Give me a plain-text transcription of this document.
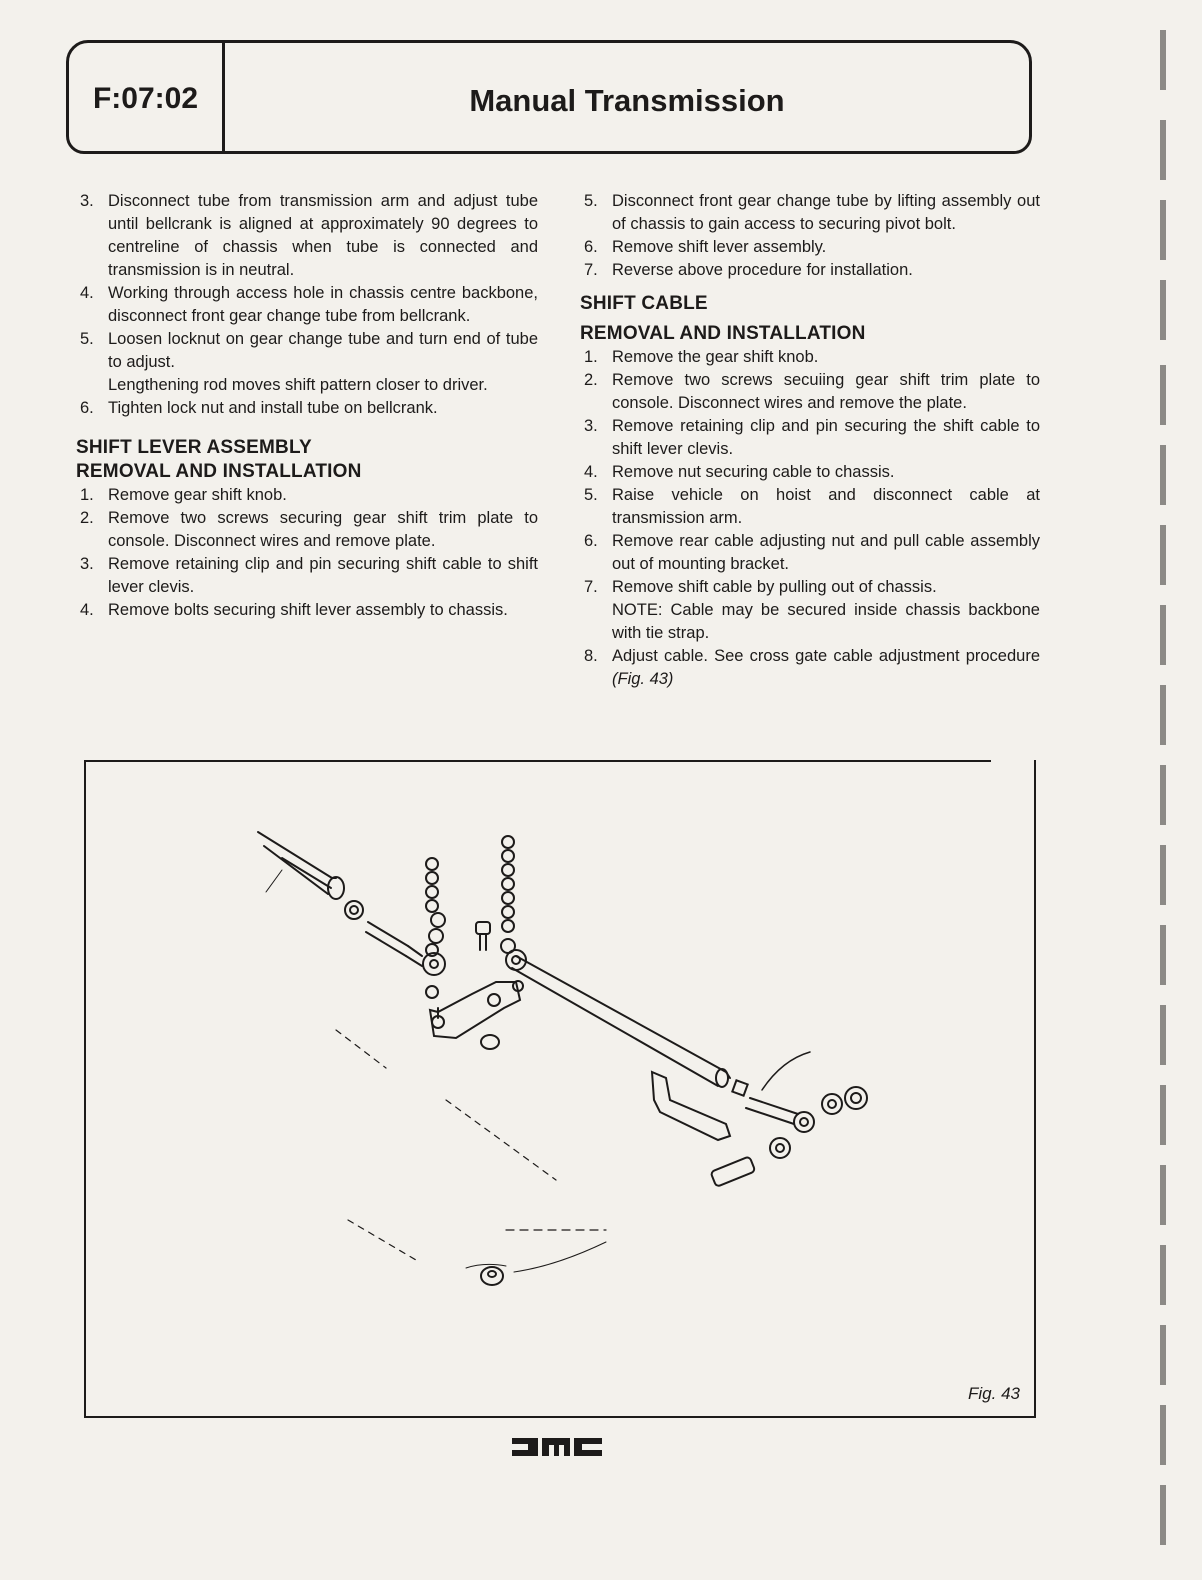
F:07:02	Manual Transmission
3. Disconnect tube from transmission arm and adjust tube until bellcrank is aligned at approximately 90 degrees to centreline of chassis when tube is connected and transmission is in neutral.
4. Working through access hole in chassis centre backbone, disconnect front gear change tube from bellcrank.
5. Loosen locknut on gear change tube and turn end of tube to adjust.
Lengthening rod moves shift pattern closer to driver.
6. Tighten lock nut and install tube on bellcrank.
SHIFT LEVER ASSEMBLY
REMOVAL AND INSTALLATION
1. Remove gear shift knob.
2. Remove two screws securing gear shift trim plate to console. Disconnect wires and remove plate.
3. Remove retaining clip and pin securing shift cable to shift lever clevis.
4. Remove bolts securing shift lever assembly to chassis.
5. Disconnect front gear change tube by lifting assembly out of chassis to gain access to securing pivot bolt.
6. Remove shift lever assembly.
7. Reverse above procedure for installation.
SHIFT CABLE
REMOVAL AND INSTALLATION
1. Remove the gear shift knob.
2. Remove two screws secuiing gear shift trim plate to console. Disconnect wires and remove the plate.
3. Remove retaining clip and pin securing the shift cable to shift lever clevis.
4. Remove nut securing cable to chassis.
5. Raise vehicle on hoist and disconnect cable at transmission arm.
6. Remove rear cable adjusting nut and pull cable assembly out of mounting bracket.
7. Remove shift cable by pulling out of chassis.
NOTE: Cable may be secured inside chassis backbone with tie strap.
8. Adjust cable. See cross gate cable adjustment procedure (Fig. 43)
Fig. 43
